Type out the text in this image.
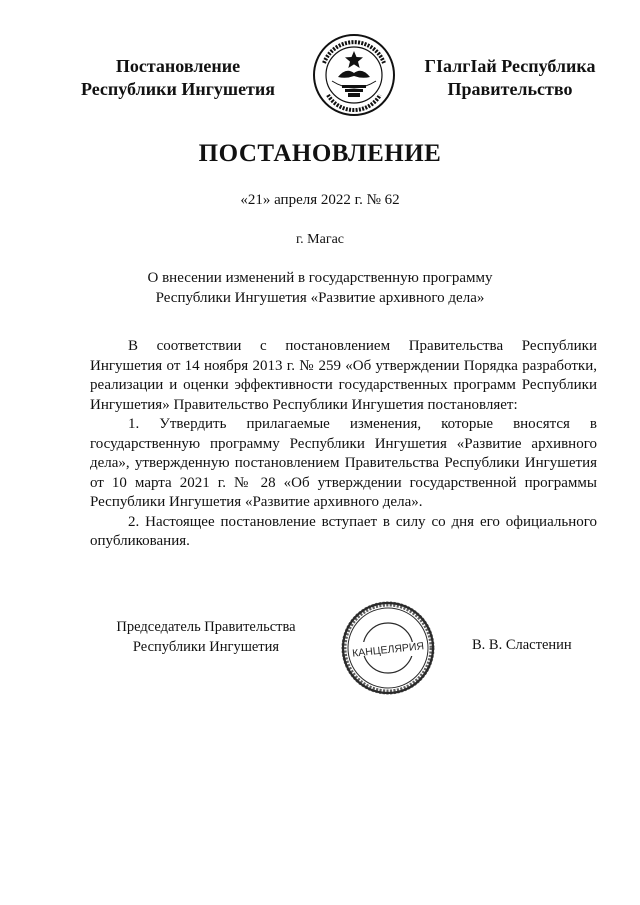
Постановление
Республики Ингушетия
ГIалгIай Республика
Правительство
ПОСТАНОВЛЕНИЕ
«21» апреля 2022 г. № 62
г. Магас
О внесении изменений в государственную программу
Республики Ингушетия «Развитие архивного дела»

В соответствии с постановлением Правительства Республики Ингушетия от 14 ноября 2013 г. № 259 «Об утверждении Порядка разработки, реализации и оценки эффективности государственных программ Республики Ингушетия» Правительство Республики Ингушетия постановляет:

1. Утвердить прилагаемые изменения, которые вносятся в государственную программу Республики Ингушетия «Развитие архивного дела», утвержденную постановлением Правительства Республики Ингушетия от 10 марта 2021 г. № 28 «Об утверждении государственной программы Республики Ингушетия «Развитие архивного дела».

2. Настоящее постановление вступает в силу со дня его официального опубликования.

Председатель Правительства
Республики Ингушетия	КАНЦЕЛЯРИЯ	В. В. Сластенин
